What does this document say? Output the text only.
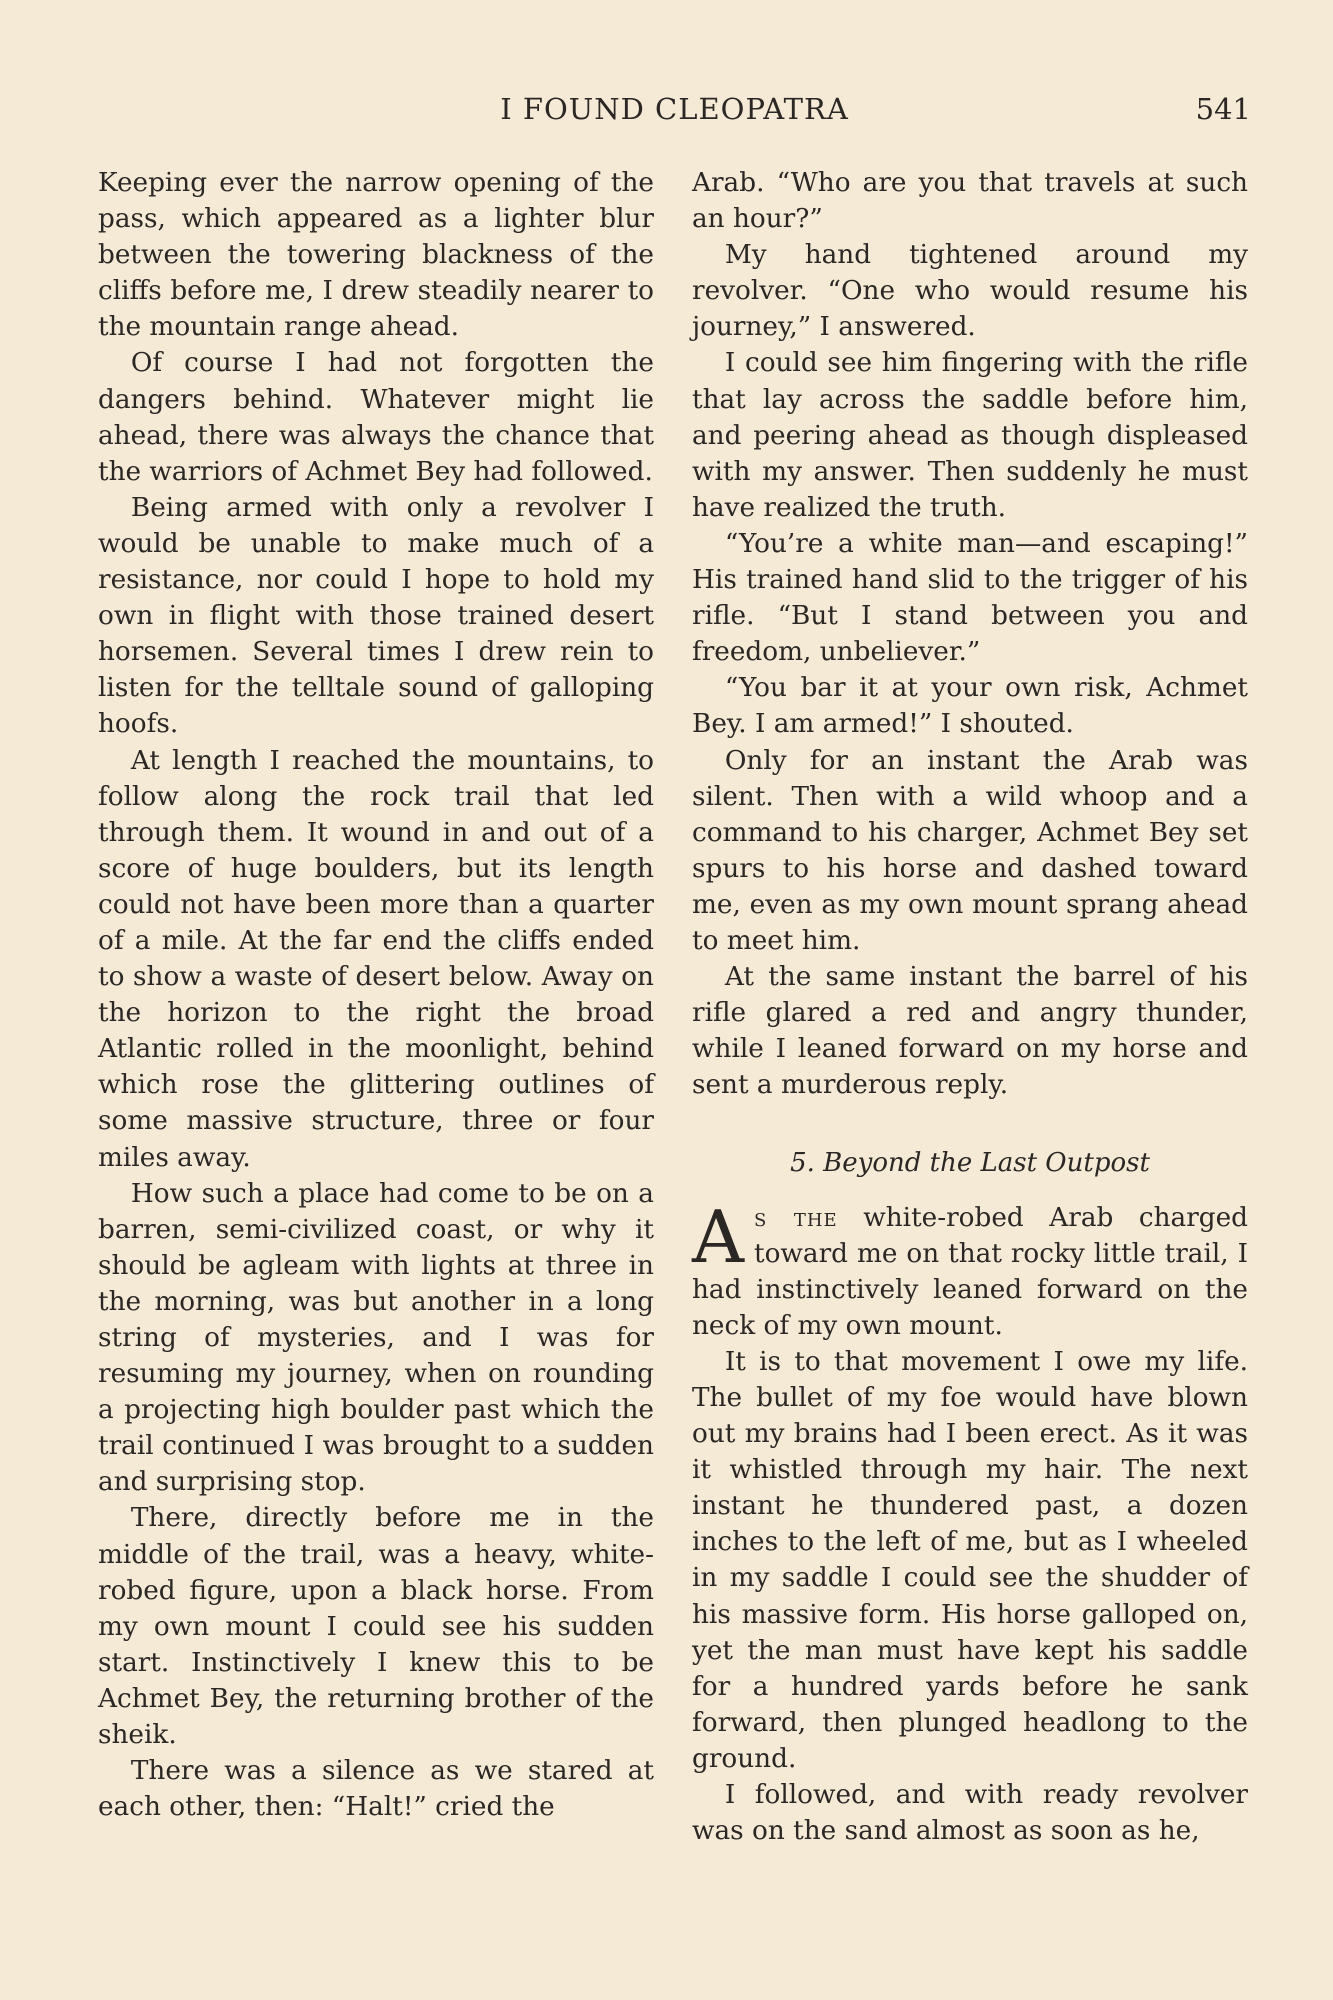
I FOUND CLEOPATRA	541

Keeping ever the narrow opening of the pass, which appeared as a lighter blur between the towering blackness of the cliffs before me, I drew steadily nearer to the mountain range ahead.

Of course I had not forgotten the dangers behind. Whatever might lie ahead, there was always the chance that the warriors of Achmet Bey had followed.

Being armed with only a revolver I would be unable to make much of a resistance, nor could I hope to hold my own in flight with those trained desert horsemen. Several times I drew rein to listen for the telltale sound of galloping hoofs.

At length I reached the mountains, to follow along the rock trail that led through them. It wound in and out of a score of huge boulders, but its length could not have been more than a quarter of a mile. At the far end the cliffs ended to show a waste of desert below. Away on the horizon to the right the broad Atlantic rolled in the moonlight, behind which rose the glittering outlines of some massive structure, three or four miles away.

How such a place had come to be on a barren, semi-civilized coast, or why it should be agleam with lights at three in the morning, was but another in a long string of mysteries, and I was for resuming my journey, when on rounding a projecting high boulder past which the trail continued I was brought to a sudden and surprising stop.

There, directly before me in the middle of the trail, was a heavy, white-robed figure, upon a black horse. From my own mount I could see his sudden start. Instinctively I knew this to be Achmet Bey, the returning brother of the sheik.

There was a silence as we stared at each other, then: “Halt!” cried the

Arab. “Who are you that travels at such an hour?”

My hand tightened around my revolver. “One who would resume his journey,” I answered.

I could see him fingering with the rifle that lay across the saddle before him, and peering ahead as though displeased with my answer. Then suddenly he must have realized the truth.

“You’re a white man—and escaping!” His trained hand slid to the trigger of his rifle. “But I stand between you and freedom, unbeliever.”

“You bar it at your own risk, Achmet Bey. I am armed!” I shouted.

Only for an instant the Arab was silent. Then with a wild whoop and a command to his charger, Achmet Bey set spurs to his horse and dashed toward me, even as my own mount sprang ahead to meet him.

At the same instant the barrel of his rifle glared a red and angry thunder, while I leaned forward on my horse and sent a murderous reply.

5. Beyond the Last Outpost

As the white-robed Arab charged toward me on that rocky little trail, I had instinctively leaned forward on the neck of my own mount.

It is to that movement I owe my life. The bullet of my foe would have blown out my brains had I been erect. As it was it whistled through my hair. The next instant he thundered past, a dozen inches to the left of me, but as I wheeled in my saddle I could see the shudder of his massive form. His horse galloped on, yet the man must have kept his saddle for a hundred yards before he sank forward, then plunged headlong to the ground.

I followed, and with ready revolver was on the sand almost as soon as he,
